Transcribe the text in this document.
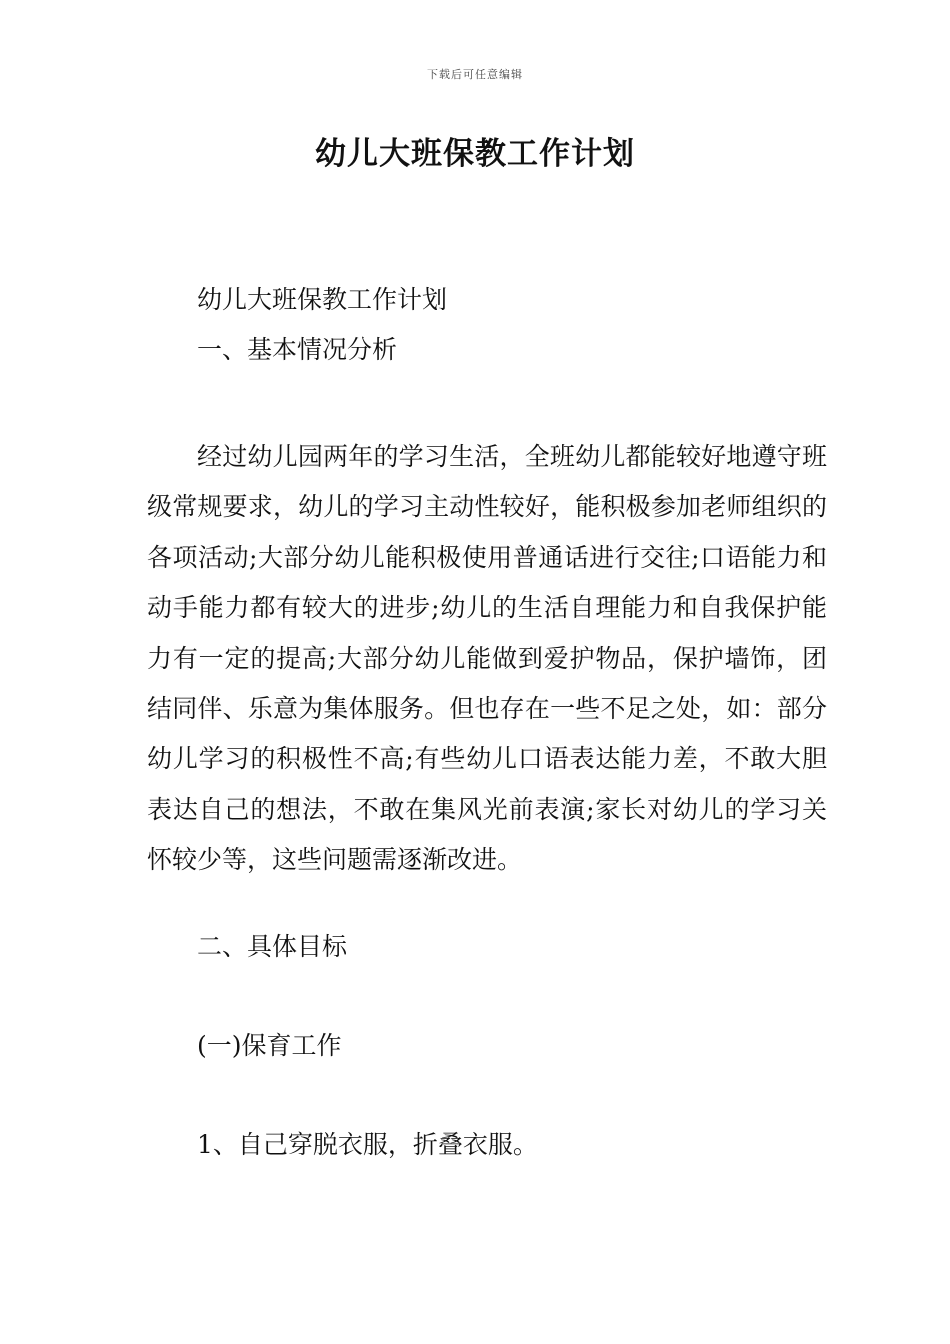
下载后可任意编辑
幼儿大班保教工作计划
幼儿大班保教工作计划
一、基本情况分析

经过幼儿园两年的学习生活，全班幼儿都能较好地遵守班级常规要求，幼儿的学习主动性较好，能积极参加老师组织的各项活动;大部分幼儿能积极使用普通话进行交往;口语能力和动手能力都有较大的进步;幼儿的生活自理能力和自我保护能力有一定的提高;大部分幼儿能做到爱护物品，保护墙饰，团结同伴、乐意为集体服务。但也存在一些不足之处，如：部分幼儿学习的积极性不高;有些幼儿口语表达能力差，不敢大胆表达自己的想法，不敢在集风光前表演;家长对幼儿的学习关怀较少等，这些问题需逐渐改进。

二、具体目标
(一)保育工作
1、自己穿脱衣服，折叠衣服。
